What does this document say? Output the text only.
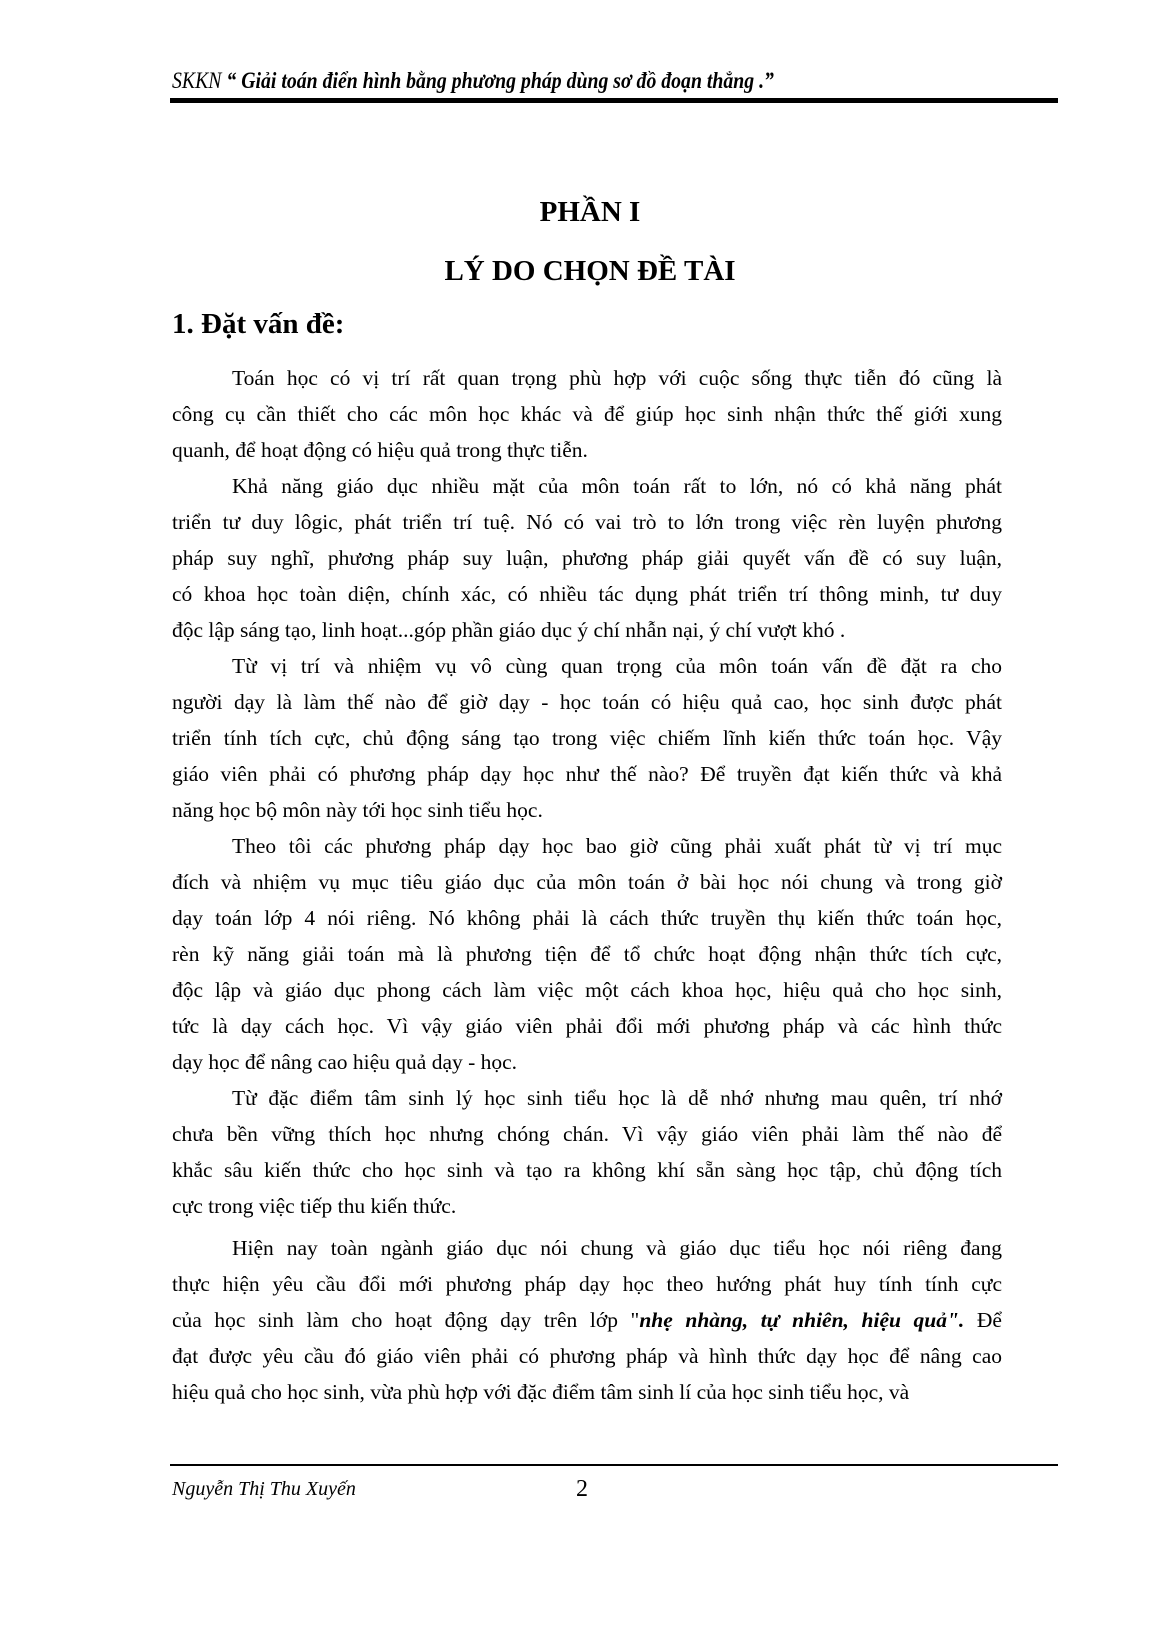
SKKN “ Giải toán điển hình bằng phương pháp dùng sơ đồ đoạn thẳng .”
PHẦN I
LÝ DO CHỌN ĐỀ TÀI
1. Đặt vấn đề:
Toán học có vị trí rất quan trọng phù hợp với cuộc sống thực tiễn đó cũng là
công cụ cần thiết cho các môn học khác và để giúp học sinh nhận thức thế giới xung
quanh, để hoạt động có hiệu quả trong thực tiễn.
Khả năng giáo dục nhiều mặt của môn toán rất to lớn, nó có khả năng phát
triển tư duy lôgic, phát triển trí tuệ. Nó có vai trò to lớn trong việc rèn luyện phương
pháp suy nghĩ, phương pháp suy luận, phương pháp giải quyết vấn đề có suy luận,
có khoa học toàn diện, chính xác, có nhiều tác dụng phát triển trí thông minh, tư duy
độc lập sáng tạo, linh hoạt...góp phần giáo dục ý chí nhẫn nại, ý chí vượt khó .
Từ vị trí và nhiệm vụ vô cùng quan trọng của môn toán vấn đề đặt ra cho
người dạy là làm thế nào để giờ dạy - học toán có hiệu quả cao, học sinh được phát
triển tính tích cực, chủ động sáng tạo trong việc chiếm lĩnh kiến thức toán học. Vậy
giáo viên phải có phương pháp dạy học như thế nào? Để truyền đạt kiến thức và khả
năng học bộ môn này tới học sinh tiểu học.
Theo tôi các phương pháp dạy học bao giờ cũng phải xuất phát từ vị trí mục
đích và nhiệm vụ mục tiêu giáo dục của môn toán ở bài học nói chung và trong giờ
dạy toán lớp 4 nói riêng. Nó không phải là cách thức truyền thụ kiến thức toán học,
rèn kỹ năng giải toán mà là phương tiện để tổ chức hoạt động nhận thức tích cực,
độc lập và giáo dục phong cách làm việc một cách khoa học, hiệu quả cho học sinh,
tức là dạy cách học. Vì vậy giáo viên phải đổi mới phương pháp và các hình thức
dạy học để nâng cao hiệu quả dạy - học.
Từ đặc điểm tâm sinh lý học sinh tiểu học là dễ nhớ nhưng mau quên, trí nhớ
chưa bền vững thích học nhưng chóng chán. Vì vậy giáo viên phải làm thế nào để
khắc sâu kiến thức cho học sinh và tạo ra không khí sẵn sàng học tập, chủ động tích
cực trong việc tiếp thu kiến thức.
Hiện nay toàn ngành giáo dục nói chung và giáo dục tiểu học nói riêng đang
thực hiện yêu cầu đổi mới phương pháp dạy học theo hướng phát huy tính tính cực
của học sinh làm cho hoạt động dạy trên lớp "nhẹ nhàng, tự nhiên, hiệu quả". Để
đạt được yêu cầu đó giáo viên phải có phương pháp và hình thức dạy học để nâng cao
hiệu quả cho học sinh, vừa phù hợp với đặc điểm tâm sinh lí của học sinh tiểu học, và
Nguyễn Thị Thu Xuyến	2
